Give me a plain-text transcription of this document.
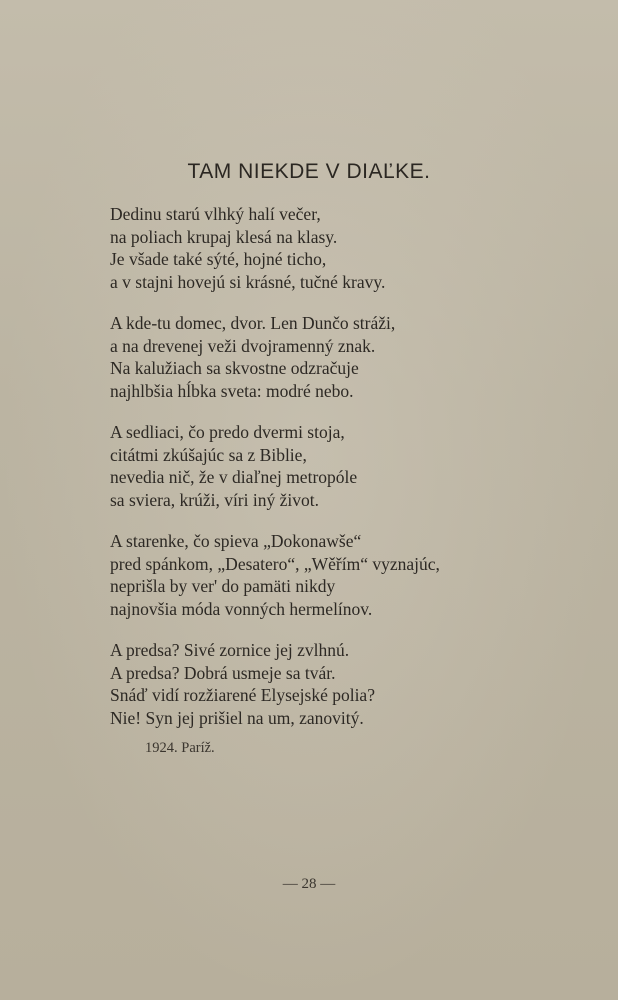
TAM NIEKDE V DIAĽKE.
Dedinu starú vlhký halí večer,
na poliach krupaj klesá na klasy.
Je všade také sýté, hojné ticho,
a v stajni hovejú si krásné, tučné kravy.
A kde-tu domec, dvor. Len Dunčo stráži,
a na drevenej veži dvojramenný znak.
Na kalužiach sa skvostne odzračuje
najhlbšia hĺbka sveta: modré nebo.
A sedliaci, čo predo dvermi stoja,
citátmi zkúšajúc sa z Biblie,
nevedia nič, že v diaľnej metropóle
sa sviera, krúži, víri iný život.
A starenke, čo spieva „Dokonawše“
pred spánkom, „Desatero“, „Wěřím“ vyznajúc,
neprišla by ver' do pamäti nikdy
najnovšia móda vonných hermelínov.
A predsa? Sivé zornice jej zvlhnú.
A predsa? Dobrá usmeje sa tvár.
Snáď vidí rozžiarené Elysejské polia?
Nie! Syn jej prišiel na um, zanovitý.
1924. Paríž.
— 28 —
